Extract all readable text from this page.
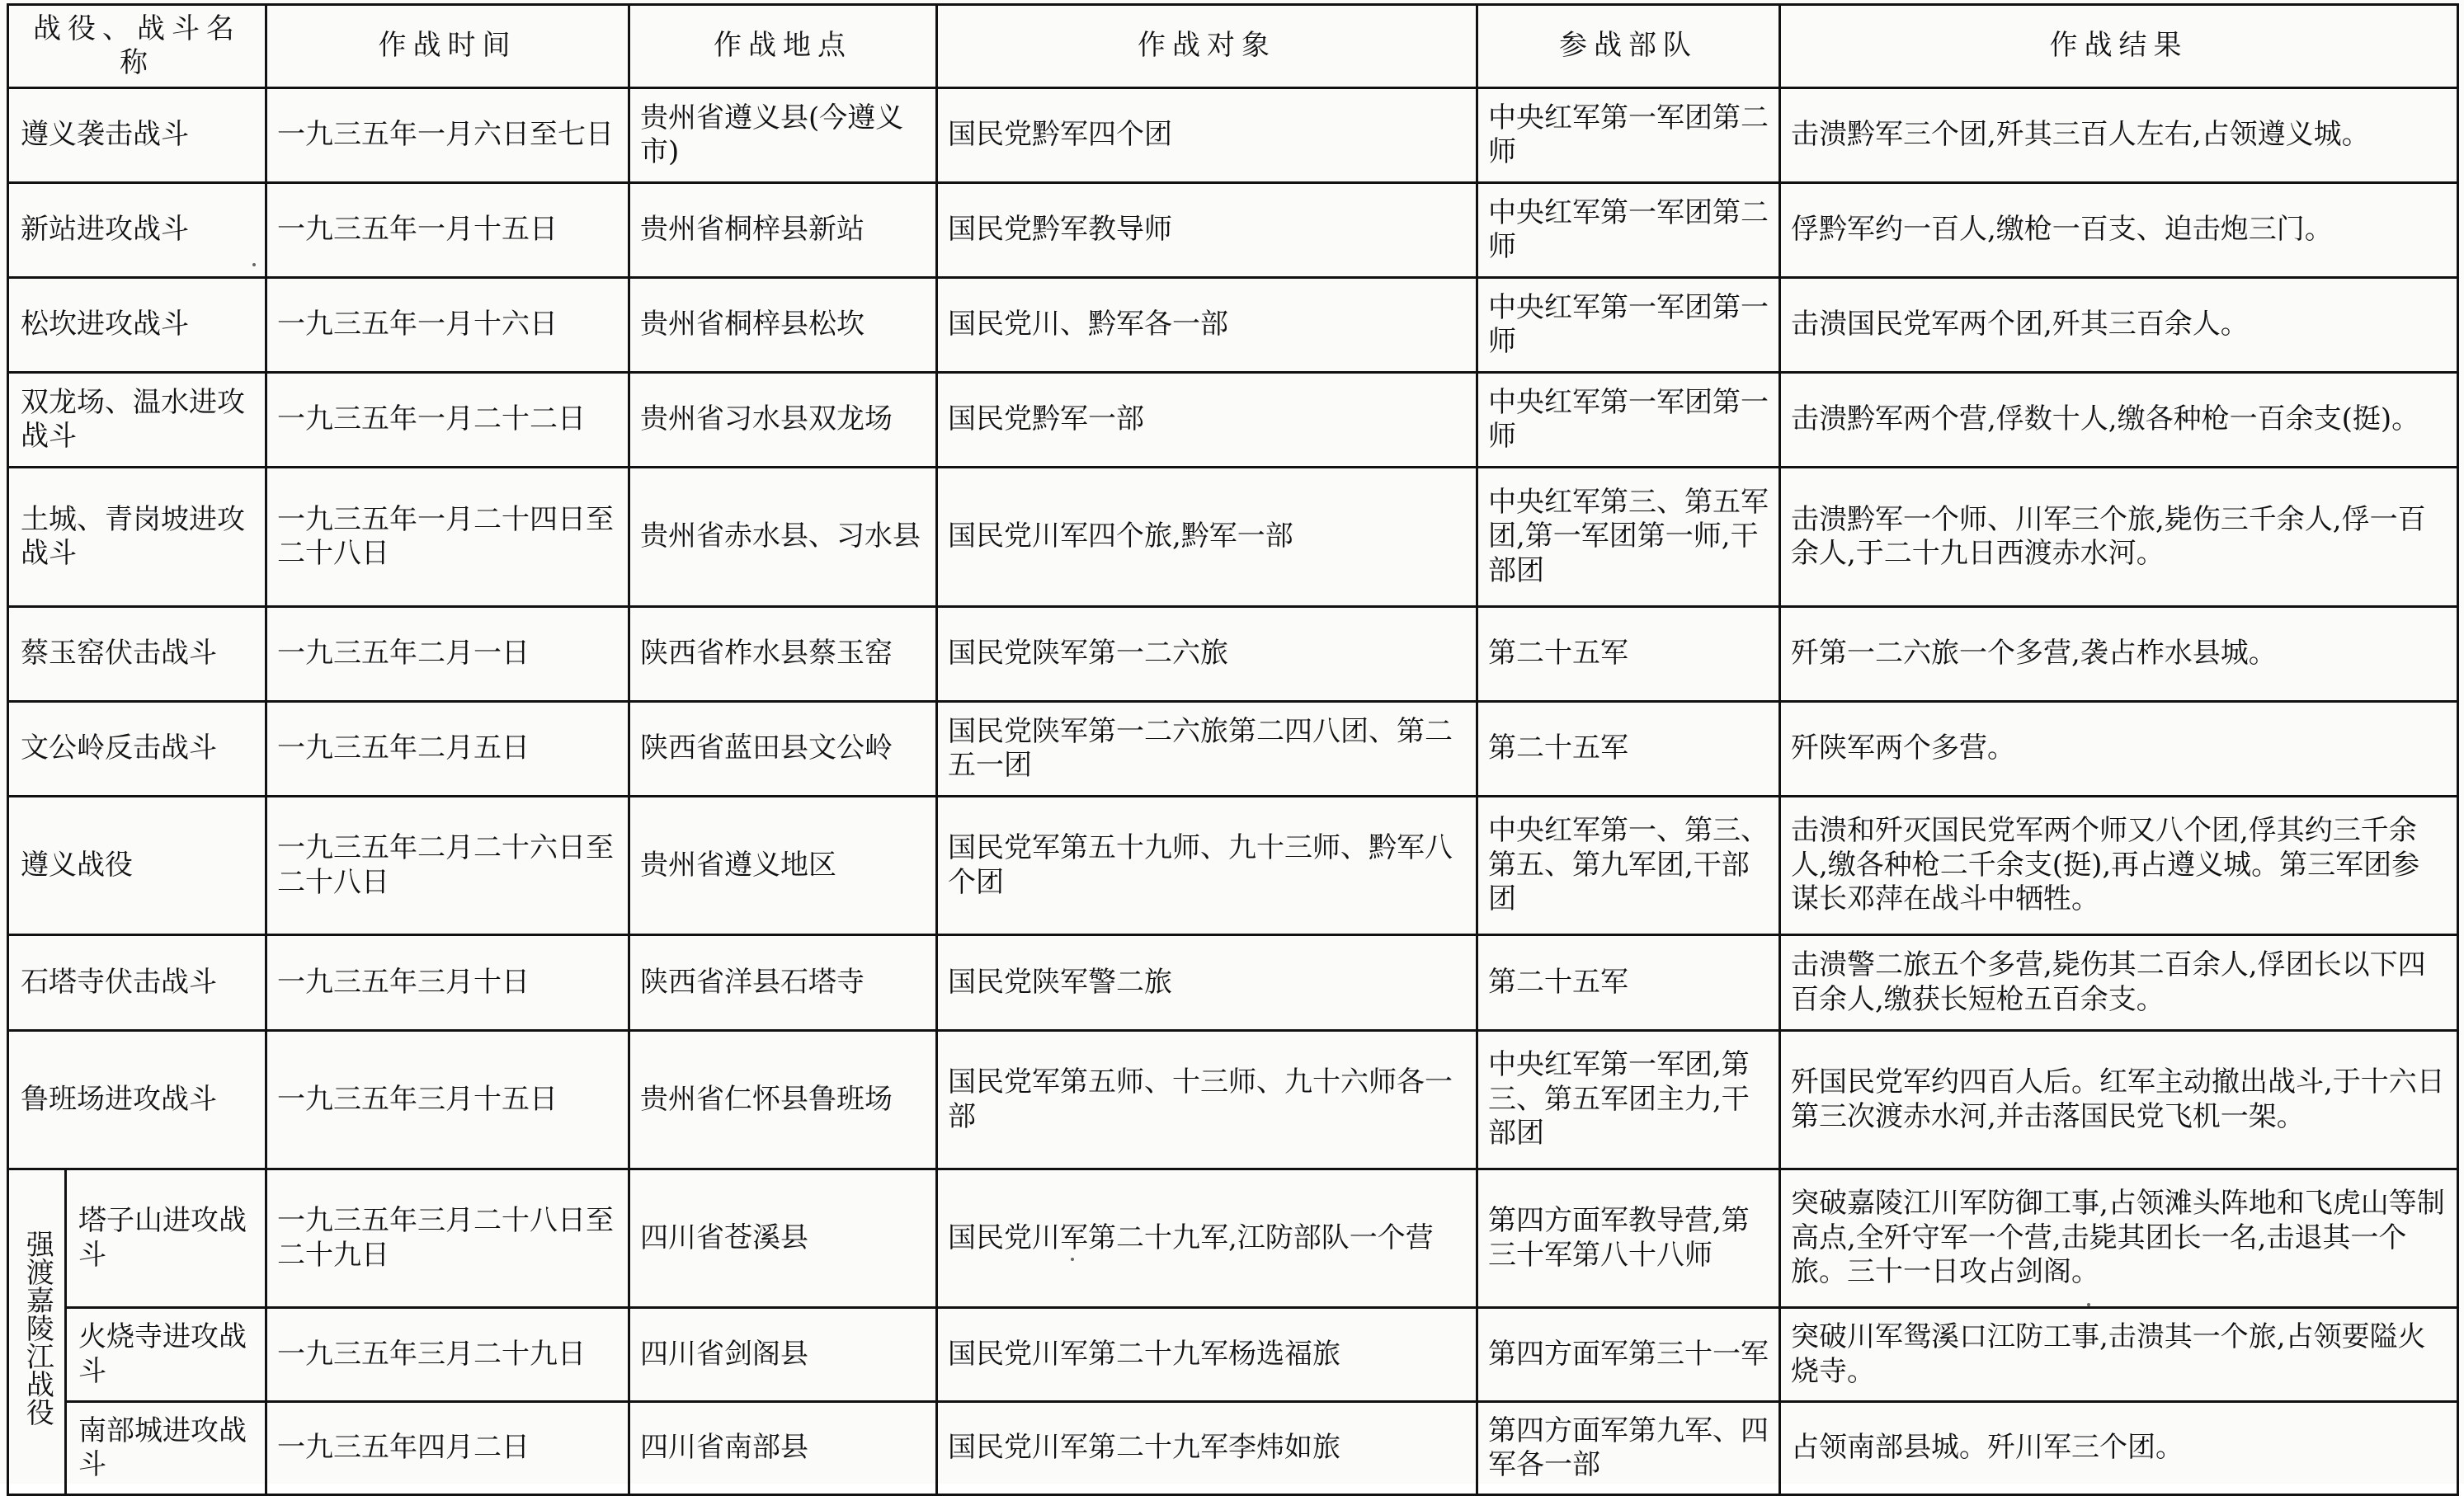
战役、战斗名称		作战时间	作战地点	作战对象	参战部队	作战结果
遵义袭击战斗		一九三五年一月六日至七日	贵州省遵义县(今遵义市)	国民党黔军四个团	中央红军第一军团第二师	击溃黔军三个团,歼其三百人左右,占领遵义城。
新站进攻战斗		一九三五年一月十五日	贵州省桐梓县新站	国民党黔军教导师	中央红军第一军团第二师	俘黔军约一百人,缴枪一百支、迫击炮三门。
松坎进攻战斗		一九三五年一月十六日	贵州省桐梓县松坎	国民党川、黔军各一部	中央红军第一军团第一师	击溃国民党军两个团,歼其三百余人。
双龙场、温水进攻战斗		一九三五年一月二十二日	贵州省习水县双龙场	国民党黔军一部	中央红军第一军团第一师	击溃黔军两个营,俘数十人,缴各种枪一百余支(挺)。
土城、青岗坡进攻战斗		一九三五年一月二十四日至二十八日	贵州省赤水县、习水县	国民党川军四个旅,黔军一部	中央红军第三、第五军团,第一军团第一师,干部团	击溃黔军一个师、川军三个旅,毙伤三千余人,俘一百余人,于二十九日西渡赤水河。
蔡玉窑伏击战斗		一九三五年二月一日	陕西省柞水县蔡玉窑	国民党陕军第一二六旅	第二十五军	歼第一二六旅一个多营,袭占柞水县城。
文公岭反击战斗		一九三五年二月五日	陕西省蓝田县文公岭	国民党陕军第一二六旅第二四八团、第二五一团	第二十五军	歼陕军两个多营。
遵义战役		一九三五年二月二十六日至二十八日	贵州省遵义地区	国民党军第五十九师、九十三师、黔军八个团	中央红军第一、第三、第五、第九军团,干部团	击溃和歼灭国民党军两个师又八个团,俘其约三千余人,缴各种枪二千余支(挺),再占遵义城。第三军团参谋长邓萍在战斗中牺牲。
石塔寺伏击战斗		一九三五年三月十日	陕西省洋县石塔寺	国民党陕军警二旅	第二十五军	击溃警二旅五个多营,毙伤其二百余人,俘团长以下四百余人,缴获长短枪五百余支。
鲁班场进攻战斗		一九三五年三月十五日	贵州省仁怀县鲁班场	国民党军第五师、十三师、九十六师各一部	中央红军第一军团,第三、第五军团主力,干部团	歼国民党军约四百人后。红军主动撤出战斗,于十六日第三次渡赤水河,并击落国民党飞机一架。
强渡嘉陵江战役	塔子山进攻战斗	一九三五年三月二十八日至二十九日	四川省苍溪县	国民党川军第二十九军,江防部队一个营	第四方面军教导营,第三十军第八十八师	突破嘉陵江川军防御工事,占领滩头阵地和飞虎山等制高点,全歼守军一个营,击毙其团长一名,击退其一个旅。三十一日攻占剑阁。
	火烧寺进攻战斗	一九三五年三月二十九日	四川省剑阁县	国民党川军第二十九军杨选福旅	第四方面军第三十一军	突破川军鸳溪口江防工事,击溃其一个旅,占领要隘火烧寺。
	南部城进攻战斗	一九三五年四月二日	四川省南部县	国民党川军第二十九军李炜如旅	第四方面军第九军、四军各一部	占领南部县城。歼川军三个团。
